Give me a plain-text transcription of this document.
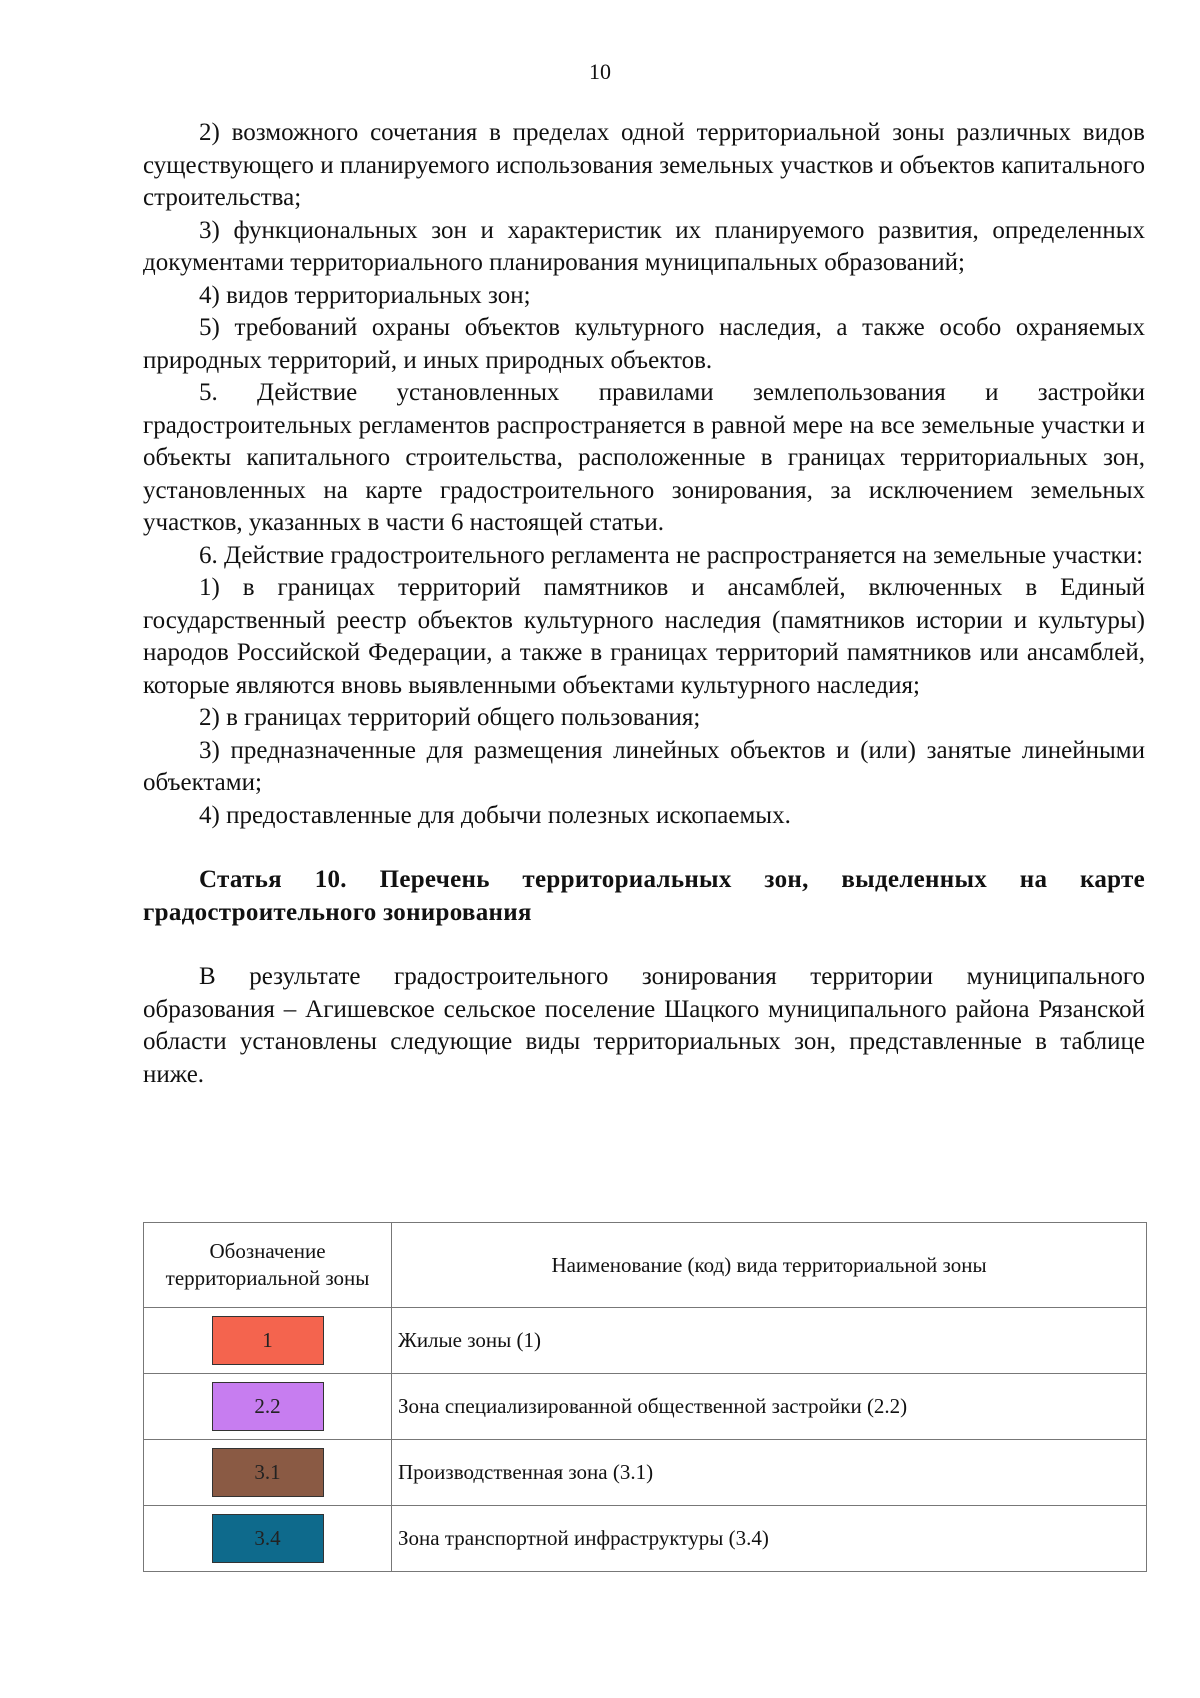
10

2) возможного сочетания в пределах одной территориальной зоны различных видов существующего и планируемого использования земельных участков и объектов капитального строительства;

3) функциональных зон и характеристик их планируемого развития, определенных документами территориального планирования муниципальных образований;

4) видов территориальных зон;

5) требований охраны объектов культурного наследия, а также особо охраняемых природных территорий, и иных природных объектов.

5. Действие установленных правилами землепользования и застройки градостроительных регламентов распространяется в равной мере на все земельные участки и объекты капитального строительства, расположенные в границах территориальных зон, установленных на карте градостроительного зонирования, за исключением земельных участков, указанных в части 6 настоящей статьи.

6. Действие градостроительного регламента не распространяется на земельные участки:

1) в границах территорий памятников и ансамблей, включенных в Единый государственный реестр объектов культурного наследия (памятников истории и культуры) народов Российской Федерации, а также в границах территорий памятников или ансамблей, которые являются вновь выявленными объектами культурного наследия;

2) в границах территорий общего пользования;

3) предназначенные для размещения линейных объектов и (или) занятые линейными объектами;

4) предоставленные для добычи полезных ископаемых.

Статья 10. Перечень территориальных зон, выделенных на карте градостроительного зонирования

В результате градостроительного зонирования территории муниципального образования – Агишевское сельское поселение Шацкого муниципального района Рязанской области установлены следующие виды территориальных зон, представленные в таблице ниже.

Обозначение территориальной зоны	Наименование (код) вида территориальной зоны
1	Жилые зоны (1)
2.2	Зона специализированной общественной застройки (2.2)
3.1	Производственная зона (3.1)
3.4	Зона транспортной инфраструктуры (3.4)
